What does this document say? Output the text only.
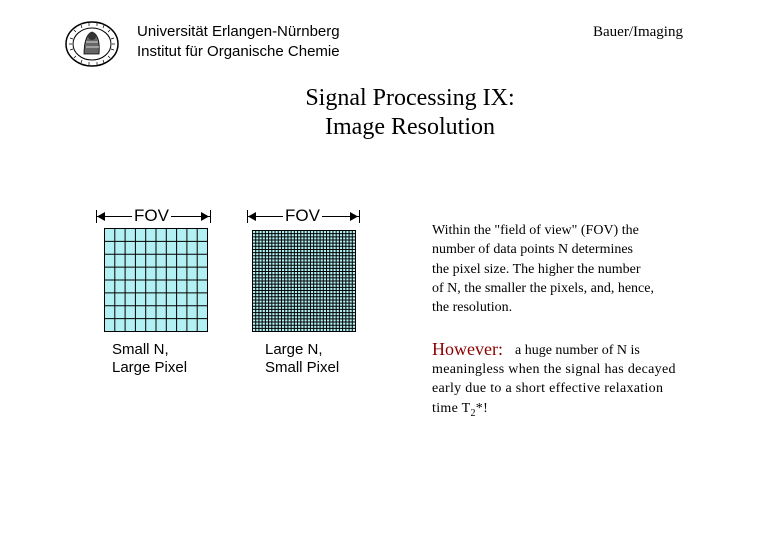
Universität Erlangen-Nürnberg
Institut für Organische Chemie
Bauer/Imaging
Signal Processing IX:
Image Resolution
FOV	FOV
Small N,
Large Pixel
Large N,
Small Pixel
Within the "field of view" (FOV) the
number of data points N determines
the pixel size. The higher the number
of N, the smaller the pixels, and, hence,
the resolution.
However: a huge number of N is
meaningless when the signal has decayed
early due to a short effective relaxation
time $T_2*$!
